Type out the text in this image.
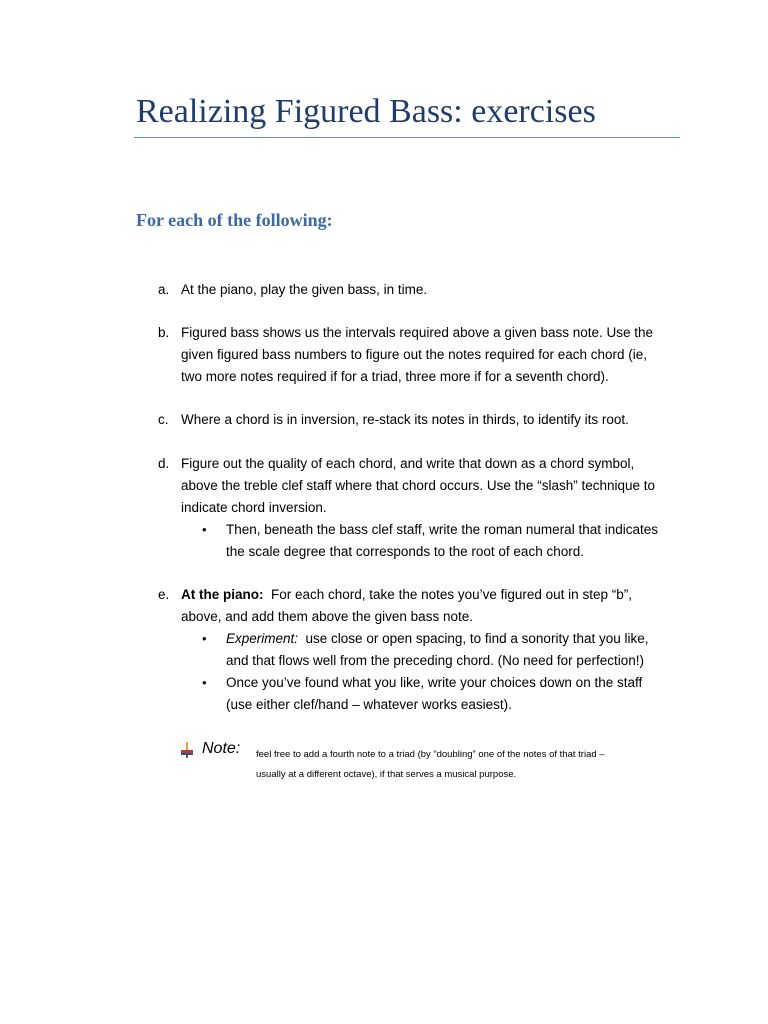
Realizing Figured Bass: exercises
For each of the following:
a. At the piano, play the given bass, in time.
b. Figured bass shows us the intervals required above a given bass note. Use the
given figured bass numbers to figure out the notes required for each chord (ie,
two more notes required if for a triad, three more if for a seventh chord).
c. Where a chord is in inversion, re-stack its notes in thirds, to identify its root.
d. Figure out the quality of each chord, and write that down as a chord symbol,
above the treble clef staff where that chord occurs. Use the “slash” technique to
indicate chord inversion.
• Then, beneath the bass clef staff, write the roman numeral that indicates
the scale degree that corresponds to the root of each chord.
e. At the piano:  For each chord, take the notes you’ve figured out in step “b”,
above, and add them above the given bass note.
• Experiment:  use close or open spacing, to find a sonority that you like,
and that flows well from the preceding chord. (No need for perfection!)
• Once you’ve found what you like, write your choices down on the staff
(use either clef/hand – whatever works easiest).
Note: feel free to add a fourth note to a triad (by “doubling” one of the notes of that triad –
usually at a different octave), if that serves a musical purpose.
